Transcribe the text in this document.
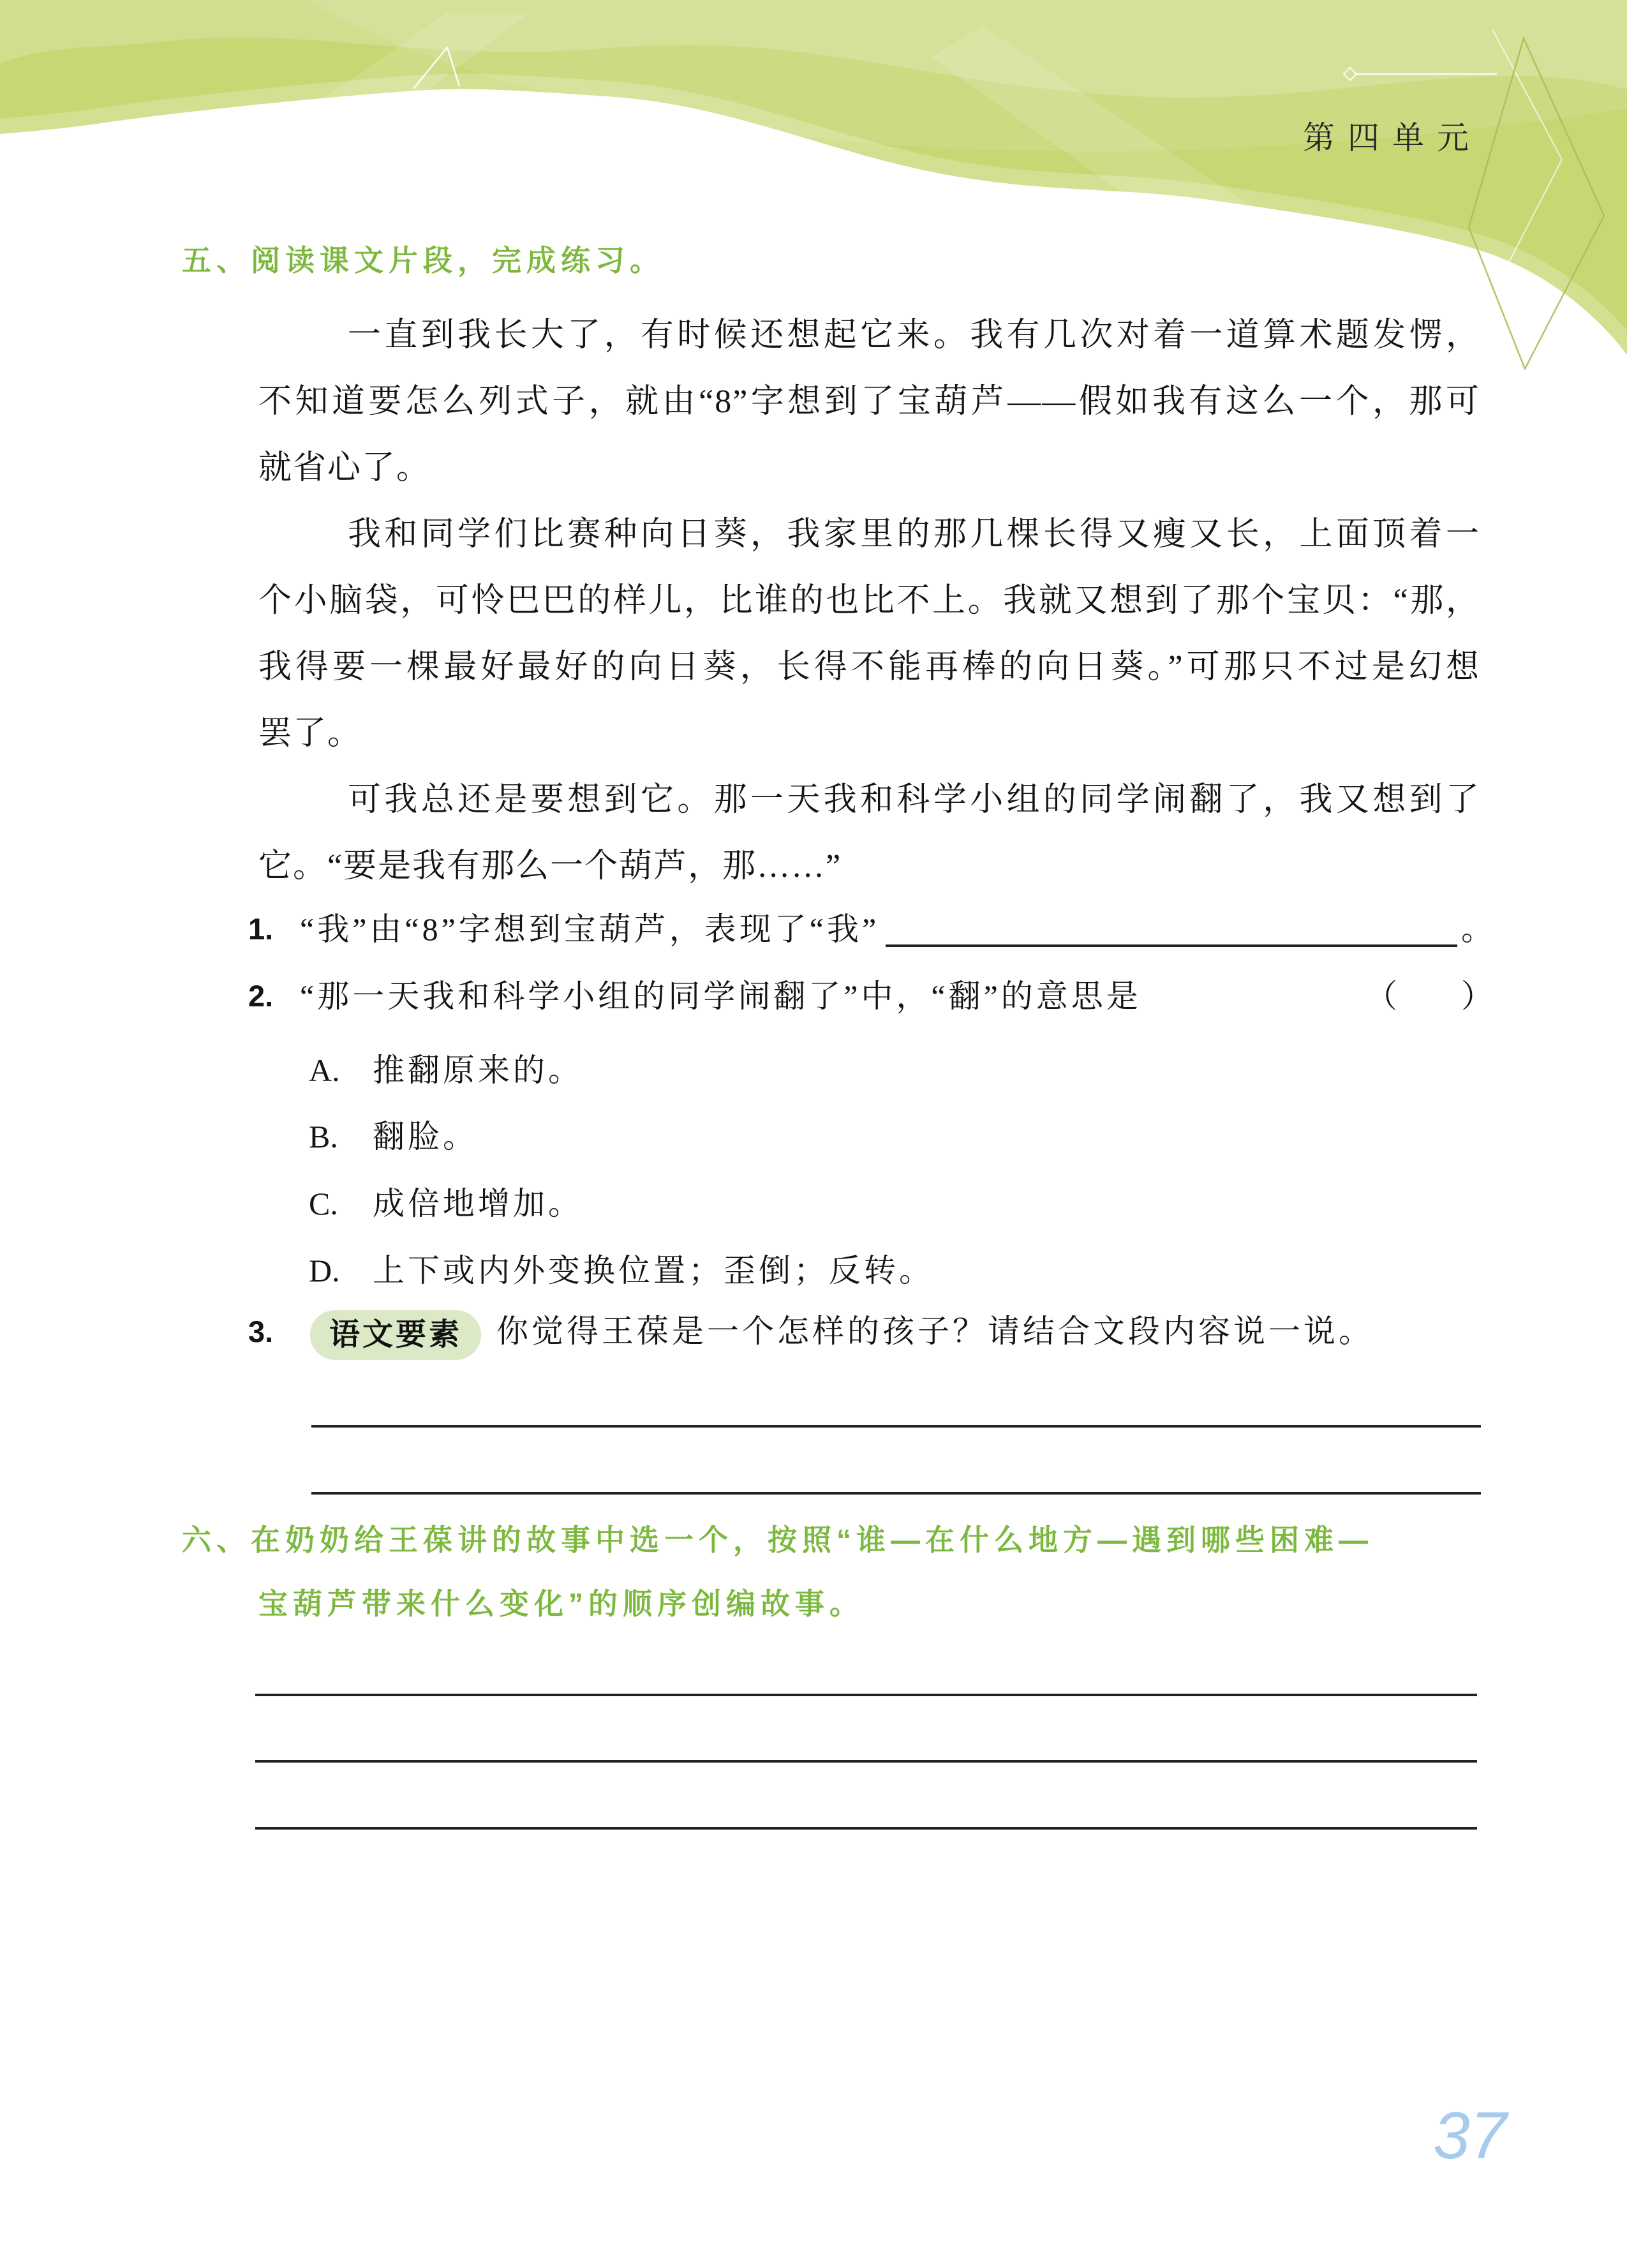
第四单元
五、阅读课文片段，完成练习。
一直到我长大了，有时候还想起它来。我有几次对着一道算术题发愣，
不知道要怎么列式子，就由“8”字想到了宝葫芦——假如我有这么一个，那可
就省心了。
我和同学们比赛种向日葵，我家里的那几棵长得又瘦又长，上面顶着一
个小脑袋，可怜巴巴的样儿，比谁的也比不上。我就又想到了那个宝贝：“那，
我得要一棵最好最好的向日葵，长得不能再棒的向日葵。”可那只不过是幻想
罢了。
可我总还是要想到它。那一天我和科学小组的同学闹翻了，我又想到了
它。“要是我有那么一个葫芦，那……”
1. “我”由“8”字想到宝葫芦，表现了“我”	。
2. “那一天我和科学小组的同学闹翻了”中，“翻”的意思是	（　　）
A. 推翻原来的。
B. 翻脸。
C. 成倍地增加。
D. 上下或内外变换位置；歪倒；反转。
3. 语文要素 你觉得王葆是一个怎样的孩子？请结合文段内容说一说。
六、在奶奶给王葆讲的故事中选一个，按照“谁—在什么地方—遇到哪些困难—
宝葫芦带来什么变化”的顺序创编故事。
37
